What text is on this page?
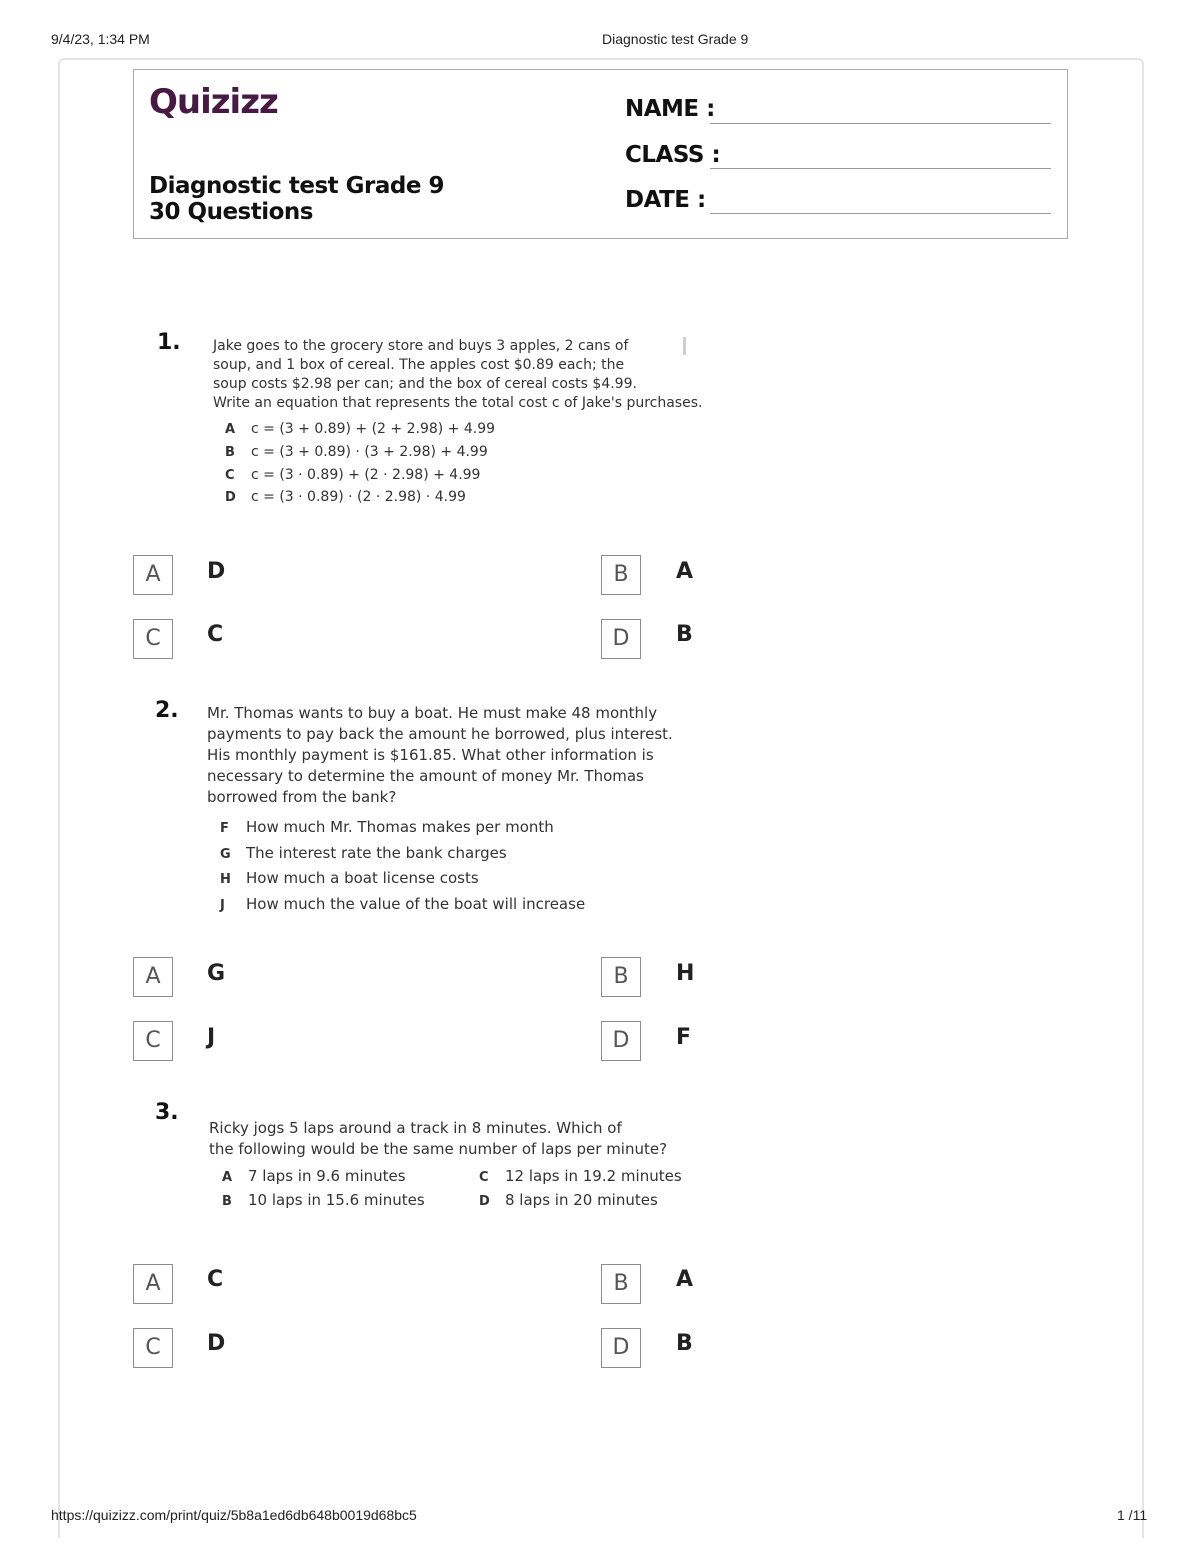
9/4/23, 1:34 PM	Diagnostic test Grade 9
Quizizz
Diagnostic test Grade 9
30 Questions
NAME :
CLASS :
DATE :
1. Jake goes to the grocery store and buys 3 apples, 2 cans of
soup, and 1 box of cereal. The apples cost $0.89 each; the
soup costs $2.98 per can; and the box of cereal costs $4.99.
Write an equation that represents the total cost c of Jake's purchases.
A c = (3 + 0.89) + (2 + 2.98) + 4.99
B c = (3 + 0.89) · (3 + 2.98) + 4.99
C c = (3 · 0.89) + (2 · 2.98) + 4.99
D c = (3 · 0.89) · (2 · 2.98) · 4.99
A	D	B	A
C	C	D	B
2. Mr. Thomas wants to buy a boat. He must make 48 monthly
payments to pay back the amount he borrowed, plus interest.
His monthly payment is $161.85. What other information is
necessary to determine the amount of money Mr. Thomas
borrowed from the bank?
F How much Mr. Thomas makes per month
G The interest rate the bank charges
H How much a boat license costs
J How much the value of the boat will increase
A	G	B	H
C	J	D	F
3.
Ricky jogs 5 laps around a track in 8 minutes. Which of
the following would be the same number of laps per minute?
A 7 laps in 9.6 minutes
B 10 laps in 15.6 minutes
C 12 laps in 19.2 minutes
D 8 laps in 20 minutes
A	C	B	A
C	D	D	B
https://quizizz.com/print/quiz/5b8a1ed6db648b0019d68bc5	1 /11
